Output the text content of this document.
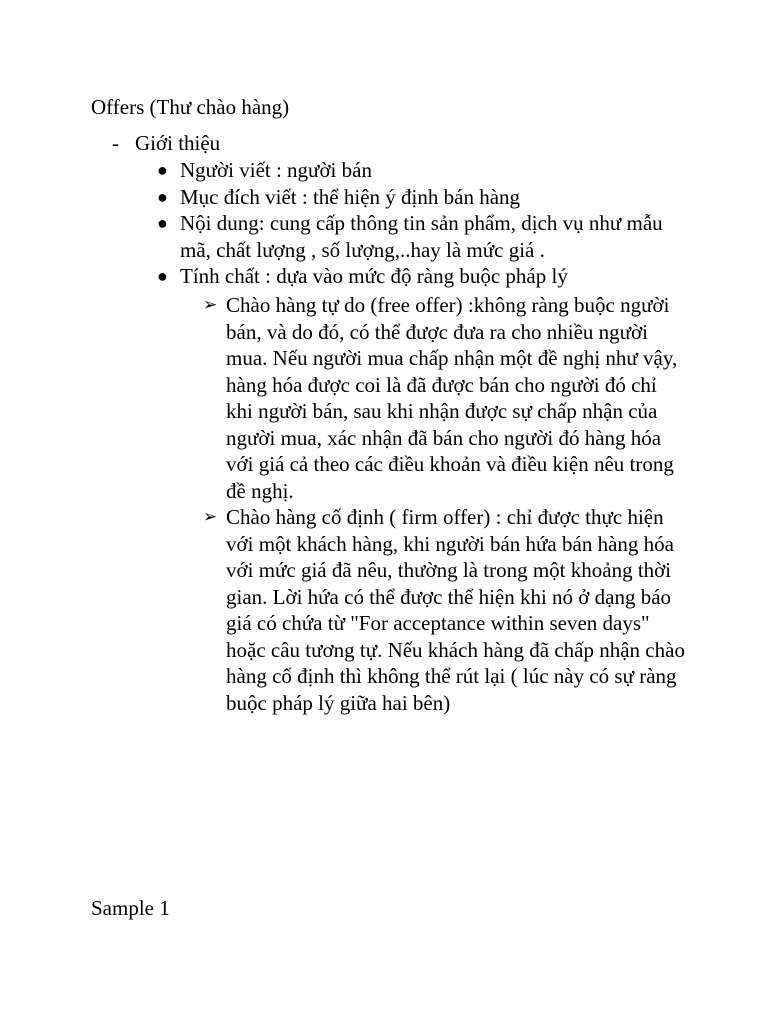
Offers (Thư chào hàng)
- Giới thiệu

● Người viết : người bán

● Mục đích viết : thể hiện ý định bán hàng

● Nội dung: cung cấp thông tin sản phẩm, dịch vụ như mẫu mã, chất lượng , số lượng,..hay là mức giá .

● Tính chất : dựa vào mức độ ràng buộc pháp lý

➢ Chào hàng tự do (free offer) :không ràng buộc người bán, và do đó, có thể được đưa ra cho nhiều người mua. Nếu người mua chấp nhận một đề nghị như vậy, hàng hóa được coi là đã được bán cho người đó chỉ khi người bán, sau khi nhận được sự chấp nhận của người mua, xác nhận đã bán cho người đó hàng hóa với giá cả theo các điều khoản và điều kiện nêu trong đề nghị.

➢ Chào hàng cố định ( firm offer) : chỉ được thực hiện với một khách hàng, khi người bán hứa bán hàng hóa với mức giá đã nêu, thường là trong một khoảng thời gian. Lời hứa có thể được thể hiện khi nó ở dạng báo giá có chứa từ "For acceptance within seven days" hoặc câu tương tự. Nếu khách hàng đã chấp nhận chào hàng cố định thì không thể rút lại ( lúc này có sự ràng buộc pháp lý giữa hai bên)

Sample 1
